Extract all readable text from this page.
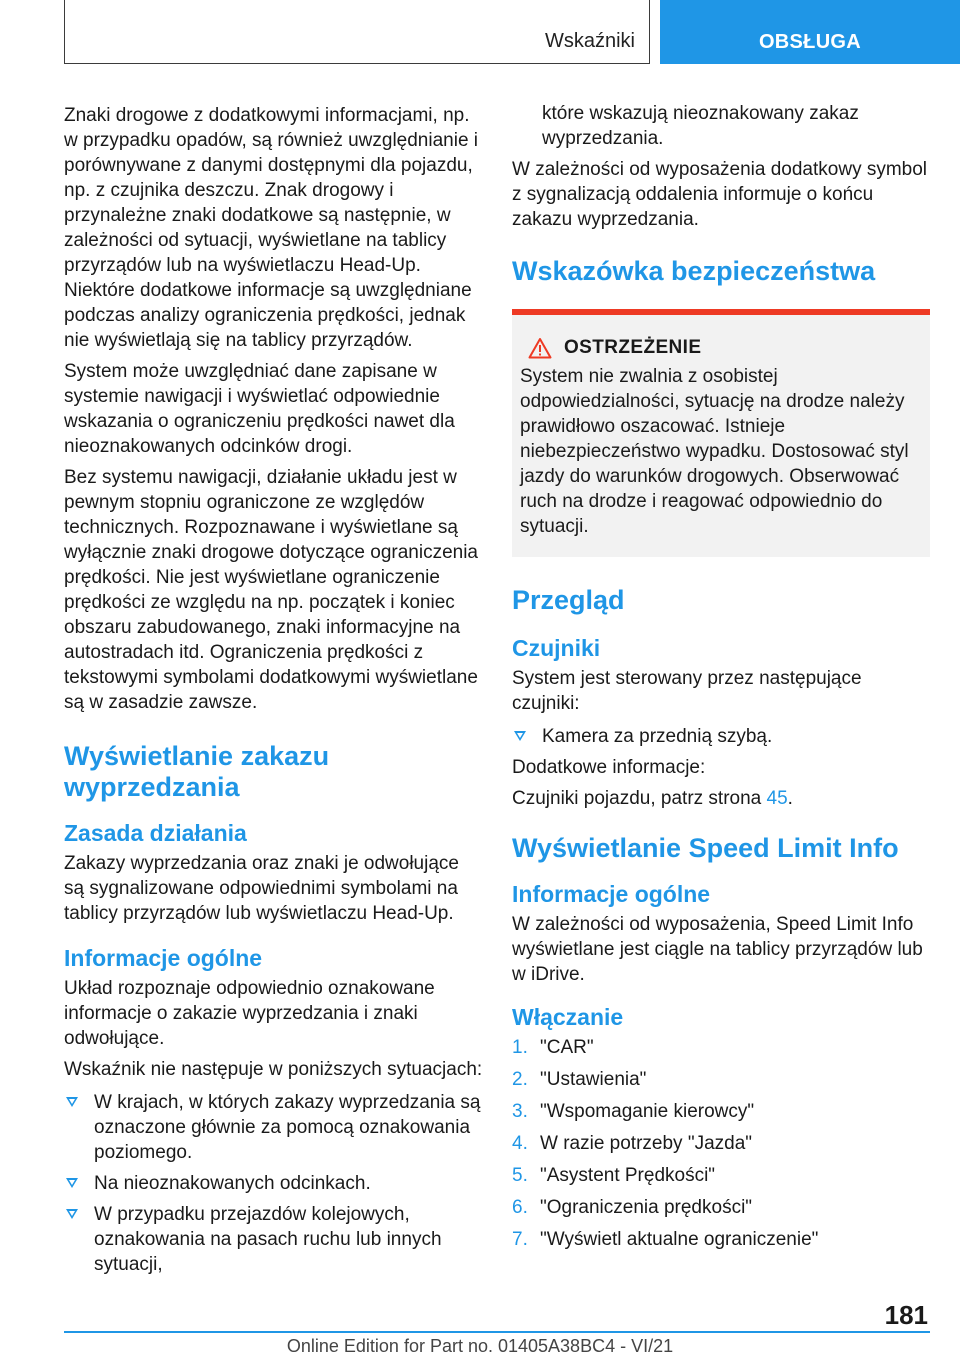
Wskaźniki	OBSŁUGA

Znaki drogowe z dodatkowymi informacjami, np. w przypadku opadów, są również uwzględnianie i porównywane z danymi dostępnymi dla pojazdu, np. z czujnika deszczu. Znak drogowy i przynależne znaki dodatkowe są następnie, w zależności od sytuacji, wyświetlane na tablicy przyrządów lub na wyświetlaczu Head-Up. Niektóre dodatkowe informacje są uwzględniane podczas analizy ograniczenia prędkości, jednak nie wyświetlają się na tablicy przyrządów.

System może uwzględniać dane zapisane w systemie nawigacji i wyświetlać odpowiednie wskazania o ograniczeniu prędkości nawet dla nieoznakowanych odcinków drogi.

Bez systemu nawigacji, działanie układu jest w pewnym stopniu ograniczone ze względów technicznych. Rozpoznawane i wyświetlane są wyłącznie znaki drogowe dotyczące ograniczenia prędkości. Nie jest wyświetlane ograniczenie prędkości ze względu na np. początek i koniec obszaru zabudowanego, znaki informacyjne na autostradach itd. Ograniczenia prędkości z tekstowymi symbolami dodatkowymi wyświetlane są w zasadzie zawsze.

Wyświetlanie zakazu wyprzedzania
Zasada działania

Zakazy wyprzedzania oraz znaki je odwołujące są sygnalizowane odpowiednimi symbolami na tablicy przyrządów lub wyświetlaczu Head-Up.

Informacje ogólne

Układ rozpoznaje odpowiednio oznakowane informacje o zakazie wyprzedzania i znaki odwołujące.

Wskaźnik nie następuje w poniższych sytuacjach:

W krajach, w których zakazy wyprzedzania są oznaczone głównie za pomocą oznakowania poziomego.
Na nieoznakowanych odcinkach.
W przypadku przejazdów kolejowych, oznakowania na pasach ruchu lub innych sytuacji,

które wskazują nieoznakowany zakaz wyprzedzania.

W zależności od wyposażenia dodatkowy symbol z sygnalizacją oddalenia informuje o końcu zakazu wyprzedzania.

Wskazówka bezpieczeństwa
OSTRZEŻENIE

System nie zwalnia z osobistej odpowiedzialności, sytuację na drodze należy prawidłowo oszacować. Istnieje niebezpieczeństwo wypadku. Dostosować styl jazdy do warunków drogowych. Obserwować ruch na drodze i reagować odpowiednio do sytuacji.

Przegląd
Czujniki

System jest sterowany przez następujące czujniki:

Kamera za przednią szybą.

Dodatkowe informacje:

Czujniki pojazdu, patrz strona 45.

Wyświetlanie Speed Limit Info
Informacje ogólne

W zależności od wyposażenia, Speed Limit Info wyświetlane jest ciągle na tablicy przyrządów lub w iDrive.

Włączanie
1. "CAR"
2. "Ustawienia"
3. "Wspomaganie kierowcy"
4. W razie potrzeby "Jazda"
5. "Asystent Prędkości"
6. "Ograniczenia prędkości"
7. "Wyświetl aktualne ograniczenie"
181
Online Edition for Part no. 01405A38BC4 - VI/21
